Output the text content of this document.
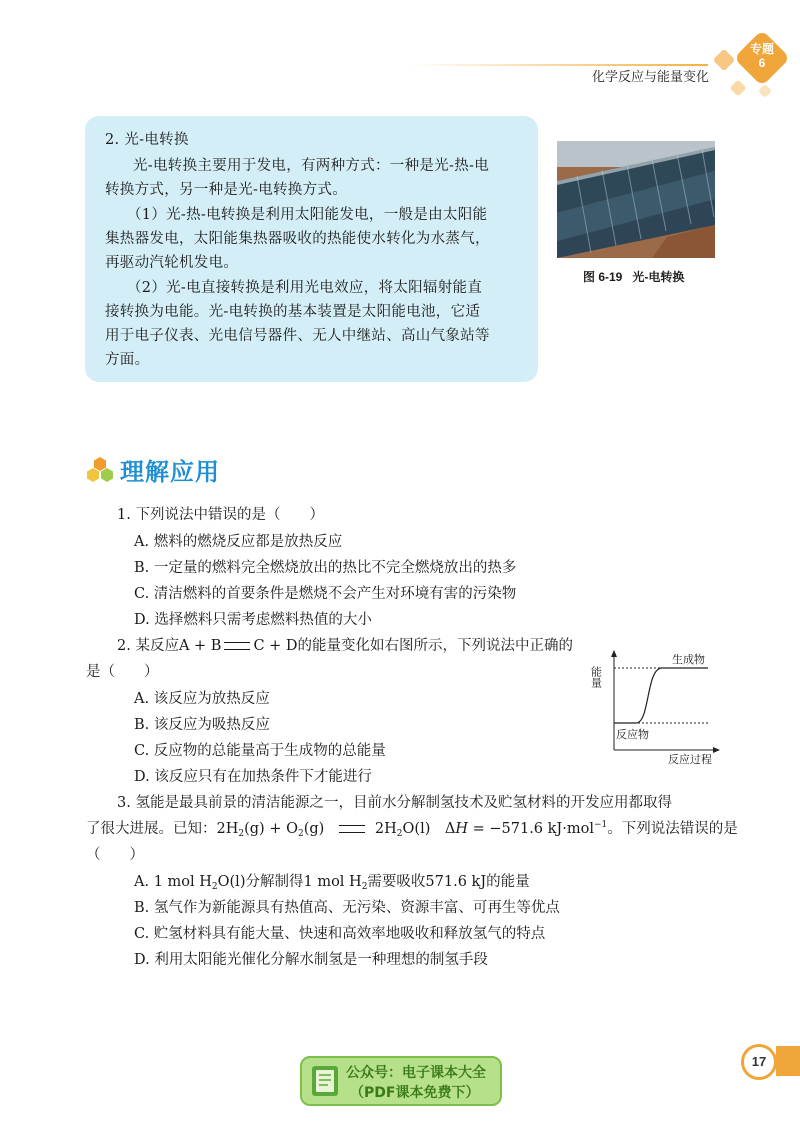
化学反应与能量变化
专题
6
2. 光-电转换
光-电转换主要用于发电，有两种方式：一种是光-热-电
转换方式，另一种是光-电转换方式。
（1）光-热-电转换是利用太阳能发电，一般是由太阳能
集热器发电，太阳能集热器吸收的热能使水转化为水蒸气，
再驱动汽轮机发电。
（2）光-电直接转换是利用光电效应，将太阳辐射能直
接转换为电能。光-电转换的基本装置是太阳能电池，它适
用于电子仪表、光电信号器件、无人中继站、高山气象站等
方面。
图 6-19 光-电转换
理解应用
1. 下列说法中错误的是（　　）
A. 燃料的燃烧反应都是放热反应
B. 一定量的燃料完全燃烧放出的热比不完全燃烧放出的热多
C. 清洁燃料的首要条件是燃烧不会产生对环境有害的污染物
D. 选择燃料只需考虑燃料热值的大小
2. 某反应A + B C + D的能量变化如右图所示，下列说法中正确的
是（　　）
A. 该反应为放热反应
B. 该反应为吸热反应
C. 反应物的总能量高于生成物的总能量
D. 该反应只有在加热条件下才能进行
能量
生成物
反应物
反应过程
3. 氢能是最具前景的清洁能源之一，目前水分解制氢技术及贮氢材料的开发应用都取得
了很大进展。已知：$2H_2(g) + O_2(g)$	$2H_2O(l)$　ΔH = −571.6 kJ·mol$^{-1}$。下列说法错误的是
（　　）
A. 1 mol $H_2O(l)$分解制得1 mol $H_2$需要吸收571.6 kJ的能量
B. 氢气作为新能源具有热值高、无污染、资源丰富、可再生等优点
C. 贮氢材料具有能大量、快速和高效率地吸收和释放氢气的特点
D. 利用太阳能光催化分解水制氢是一种理想的制氢手段
17
公众号：电子课本大全
（PDF课本免费下）
